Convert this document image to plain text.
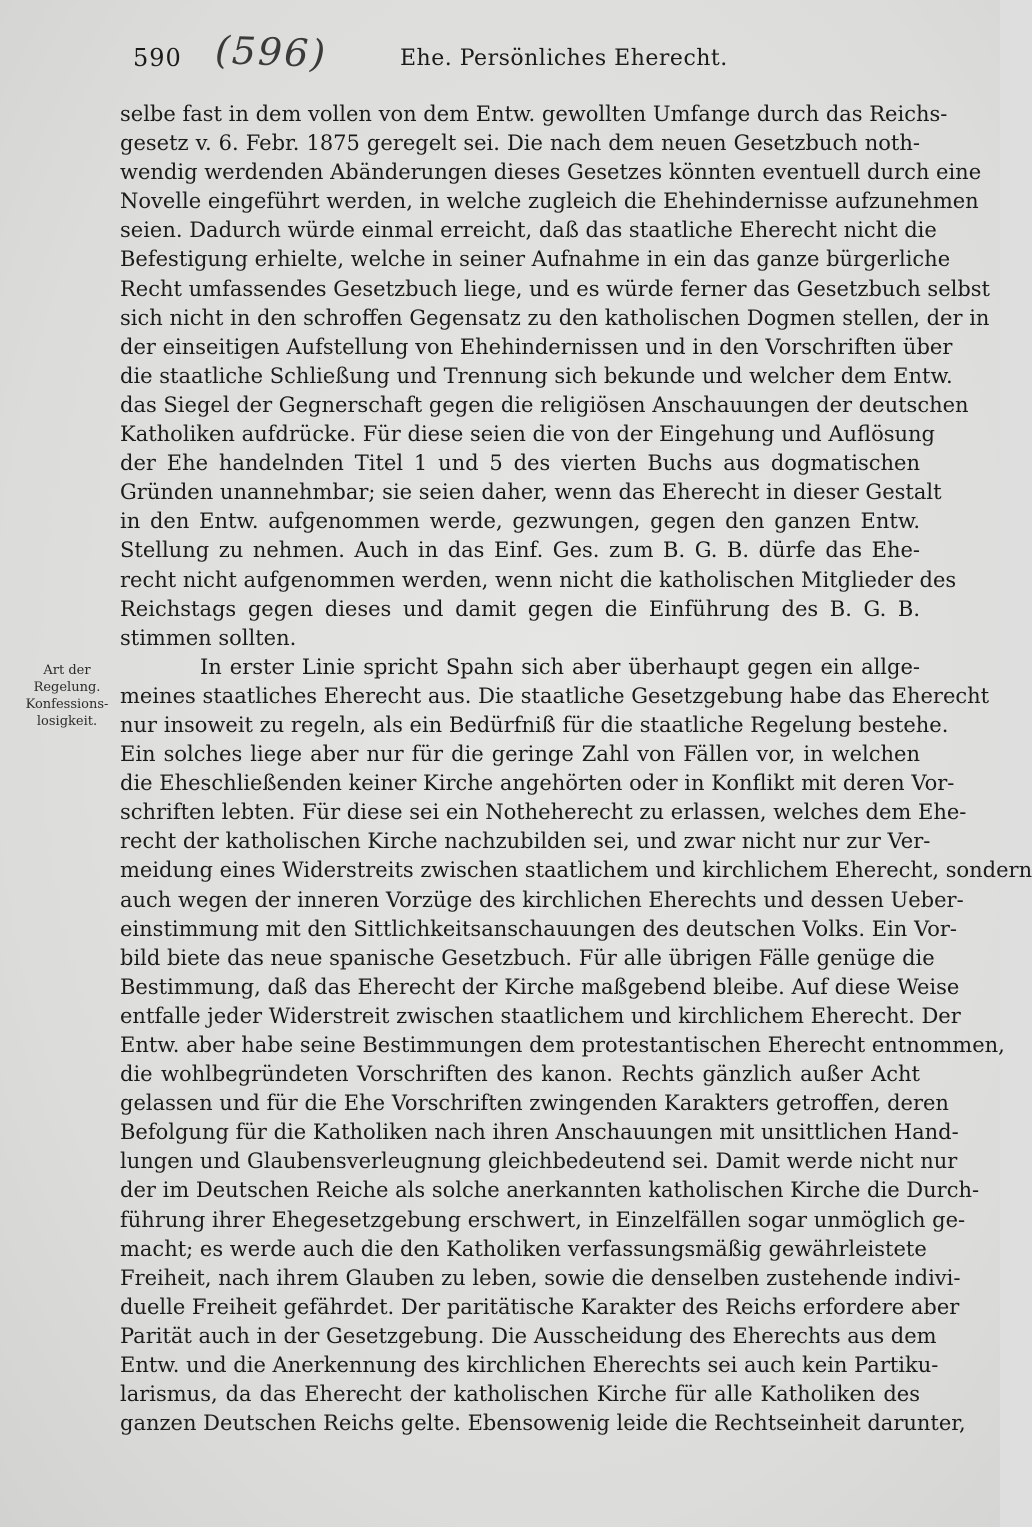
590 (596)	Ehe. Persönliches Eherecht.
Art der
Regelung.
Konfessions-
losigkeit.
selbe fast in dem vollen von dem Entw. gewollten Umfange durch das Reichs-
gesetz v. 6. Febr. 1875 geregelt sei. Die nach dem neuen Gesetzbuch noth-
wendig werdenden Abänderungen dieses Gesetzes könnten eventuell durch eine
Novelle eingeführt werden, in welche zugleich die Ehehindernisse aufzunehmen
seien. Dadurch würde einmal erreicht, daß das staatliche Eherecht nicht die
Befestigung erhielte, welche in seiner Aufnahme in ein das ganze bürgerliche
Recht umfassendes Gesetzbuch liege, und es würde ferner das Gesetzbuch selbst
sich nicht in den schroffen Gegensatz zu den katholischen Dogmen stellen, der in
der einseitigen Aufstellung von Ehehindernissen und in den Vorschriften über
die staatliche Schließung und Trennung sich bekunde und welcher dem Entw.
das Siegel der Gegnerschaft gegen die religiösen Anschauungen der deutschen
Katholiken aufdrücke. Für diese seien die von der Eingehung und Auflösung
der Ehe handelnden Titel 1 und 5 des vierten Buchs aus dogmatischen
Gründen unannehmbar; sie seien daher, wenn das Eherecht in dieser Gestalt
in den Entw. aufgenommen werde, gezwungen, gegen den ganzen Entw.
Stellung zu nehmen. Auch in das Einf. Ges. zum B. G. B. dürfe das Ehe-
recht nicht aufgenommen werden, wenn nicht die katholischen Mitglieder des
Reichstags gegen dieses und damit gegen die Einführung des B. G. B.
stimmen sollten.
In erster Linie spricht Spahn sich aber überhaupt gegen ein allge-
meines staatliches Eherecht aus. Die staatliche Gesetzgebung habe das Eherecht
nur insoweit zu regeln, als ein Bedürfniß für die staatliche Regelung bestehe.
Ein solches liege aber nur für die geringe Zahl von Fällen vor, in welchen
die Eheschließenden keiner Kirche angehörten oder in Konflikt mit deren Vor-
schriften lebten. Für diese sei ein Notheherecht zu erlassen, welches dem Ehe-
recht der katholischen Kirche nachzubilden sei, und zwar nicht nur zur Ver-
meidung eines Widerstreits zwischen staatlichem und kirchlichem Eherecht, sondern
auch wegen der inneren Vorzüge des kirchlichen Eherechts und dessen Ueber-
einstimmung mit den Sittlichkeitsanschauungen des deutschen Volks. Ein Vor-
bild biete das neue spanische Gesetzbuch. Für alle übrigen Fälle genüge die
Bestimmung, daß das Eherecht der Kirche maßgebend bleibe. Auf diese Weise
entfalle jeder Widerstreit zwischen staatlichem und kirchlichem Eherecht. Der
Entw. aber habe seine Bestimmungen dem protestantischen Eherecht entnommen,
die wohlbegründeten Vorschriften des kanon. Rechts gänzlich außer Acht
gelassen und für die Ehe Vorschriften zwingenden Karakters getroffen, deren
Befolgung für die Katholiken nach ihren Anschauungen mit unsittlichen Hand-
lungen und Glaubensverleugnung gleichbedeutend sei. Damit werde nicht nur
der im Deutschen Reiche als solche anerkannten katholischen Kirche die Durch-
führung ihrer Ehegesetzgebung erschwert, in Einzelfällen sogar unmöglich ge-
macht; es werde auch die den Katholiken verfassungsmäßig gewährleistete
Freiheit, nach ihrem Glauben zu leben, sowie die denselben zustehende indivi-
duelle Freiheit gefährdet. Der paritätische Karakter des Reichs erfordere aber
Parität auch in der Gesetzgebung. Die Ausscheidung des Eherechts aus dem
Entw. und die Anerkennung des kirchlichen Eherechts sei auch kein Partiku-
larismus, da das Eherecht der katholischen Kirche für alle Katholiken des
ganzen Deutschen Reichs gelte. Ebensowenig leide die Rechtseinheit darunter,
